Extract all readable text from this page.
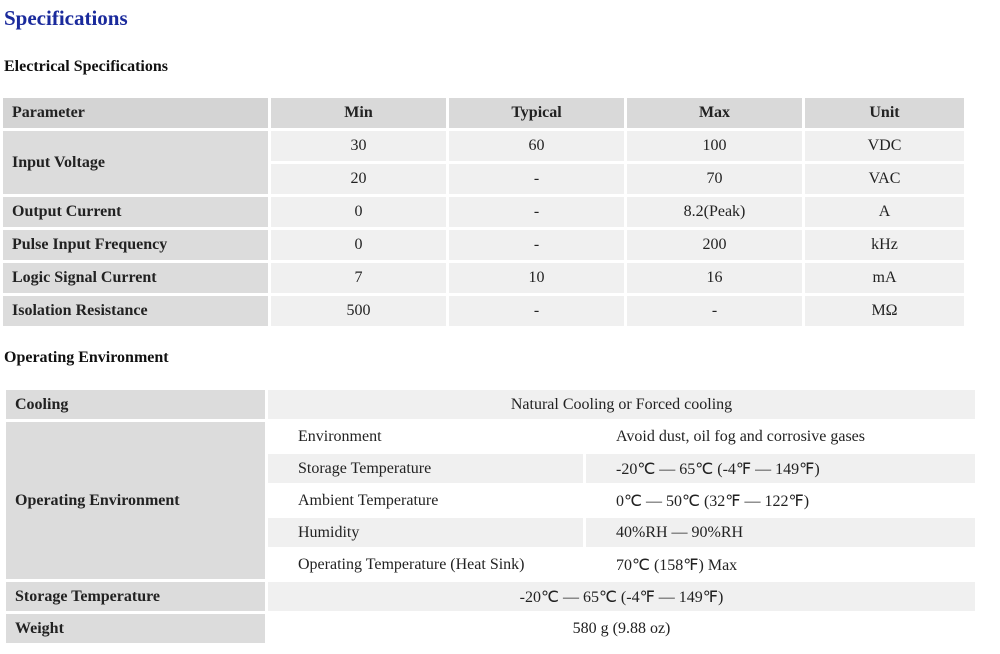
Specifications
Electrical Specifications
Parameter	Min	Typical	Max	Unit
Input Voltage	30	60	100	VDC
	20	-	70	VAC
Output Current	0	-	8.2(Peak)	A
Pulse Input Frequency	0	-	200	kHz
Logic Signal Current	7	10	16	mA
Isolation Resistance	500	-	-	MΩ
Operating Environment
Cooling	Natural Cooling or Forced cooling	
Operating Environment	Environment	Avoid dust, oil fog and corrosive gases
	Storage Temperature	-20℃ — 65℃ (-4℉ — 149℉)
	Ambient Temperature	0℃ — 50℃ (32℉ — 122℉)
	Humidity	40%RH — 90%RH
	Operating Temperature (Heat Sink)	70℃ (158℉) Max
Storage Temperature	-20℃ — 65℃ (-4℉ — 149℉)	
Weight	580 g (9.88 oz)	
